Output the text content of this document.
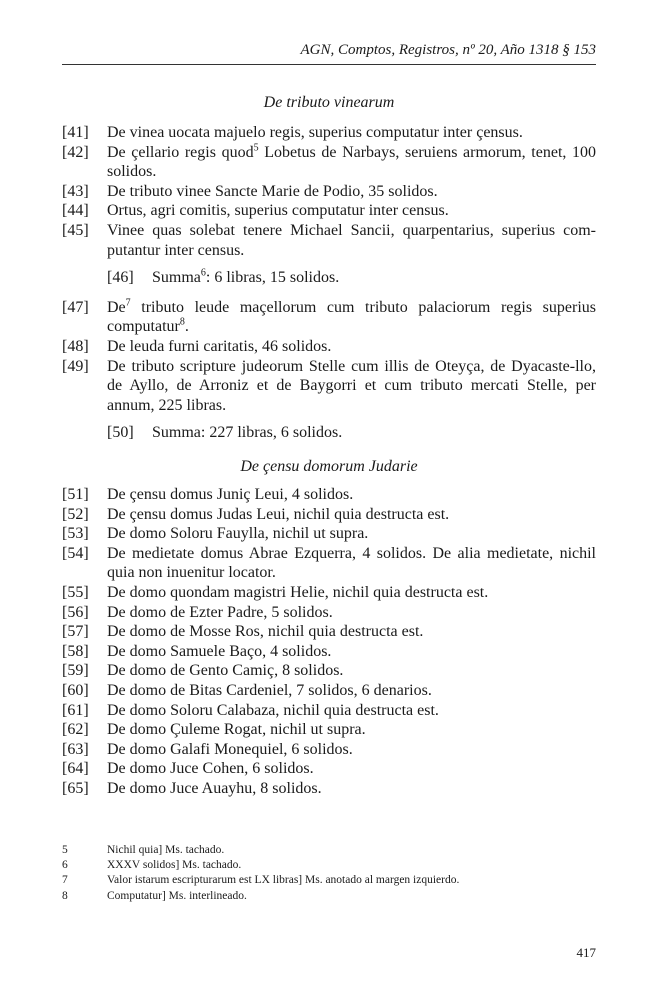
AGN, Comptos, Registros, nº 20, Año 1318 § 153
De tributo vinearum
[41]	De vinea uocata majuelo regis, superius computatur inter çensus.
[42]	De çellario regis quod$^5$ Lobetus de Narbays, seruiens armorum, tenet, 100 solidos.
[43]	De tributo vinee Sancte Marie de Podio, 35 solidos.
[44]	Ortus, agri comitis, superius computatur inter census.
[45]	Vinee quas solebat tenere Michael Sancii, quarpentarius, superius com-putantur inter census.
[46]	Summa$^6$: 6 libras, 15 solidos.
[47]	De$^7$ tributo leude maçellorum cum tributo palaciorum regis superius computatur$^8$.
[48]	De leuda furni caritatis, 46 solidos.
[49]	De tributo scripture judeorum Stelle cum illis de Oteyça, de Dyacaste-llo, de Ayllo, de Arroniz et de Baygorri et cum tributo mercati Stelle, per annum, 225 libras.
[50]	Summa: 227 libras, 6 solidos.
De çensu domorum Judarie
[51]	De çensu domus Juniç Leui, 4 solidos.
[52]	De çensu domus Judas Leui, nichil quia destructa est.
[53]	De domo Soloru Fauylla, nichil ut supra.
[54]	De medietate domus Abrae Ezquerra, 4 solidos. De alia medietate, nichil quia non inuenitur locator.
[55]	De domo quondam magistri Helie, nichil quia destructa est.
[56]	De domo de Ezter Padre, 5 solidos.
[57]	De domo de Mosse Ros, nichil quia destructa est.
[58]	De domo Samuele Baço, 4 solidos.
[59]	De domo de Gento Camiç, 8 solidos.
[60]	De domo de Bitas Cardeniel, 7 solidos, 6 denarios.
[61]	De domo Soloru Calabaza, nichil quia destructa est.
[62]	De domo Çuleme Rogat, nichil ut supra.
[63]	De domo Galafi Monequiel, 6 solidos.
[64]	De domo Juce Cohen, 6 solidos.
[65]	De domo Juce Auayhu, 8 solidos.
5	Nichil quia] Ms. tachado.
6	XXXV solidos] Ms. tachado.
7	Valor istarum escripturarum est LX libras] Ms. anotado al margen izquierdo.
8	Computatur] Ms. interlineado.
417
